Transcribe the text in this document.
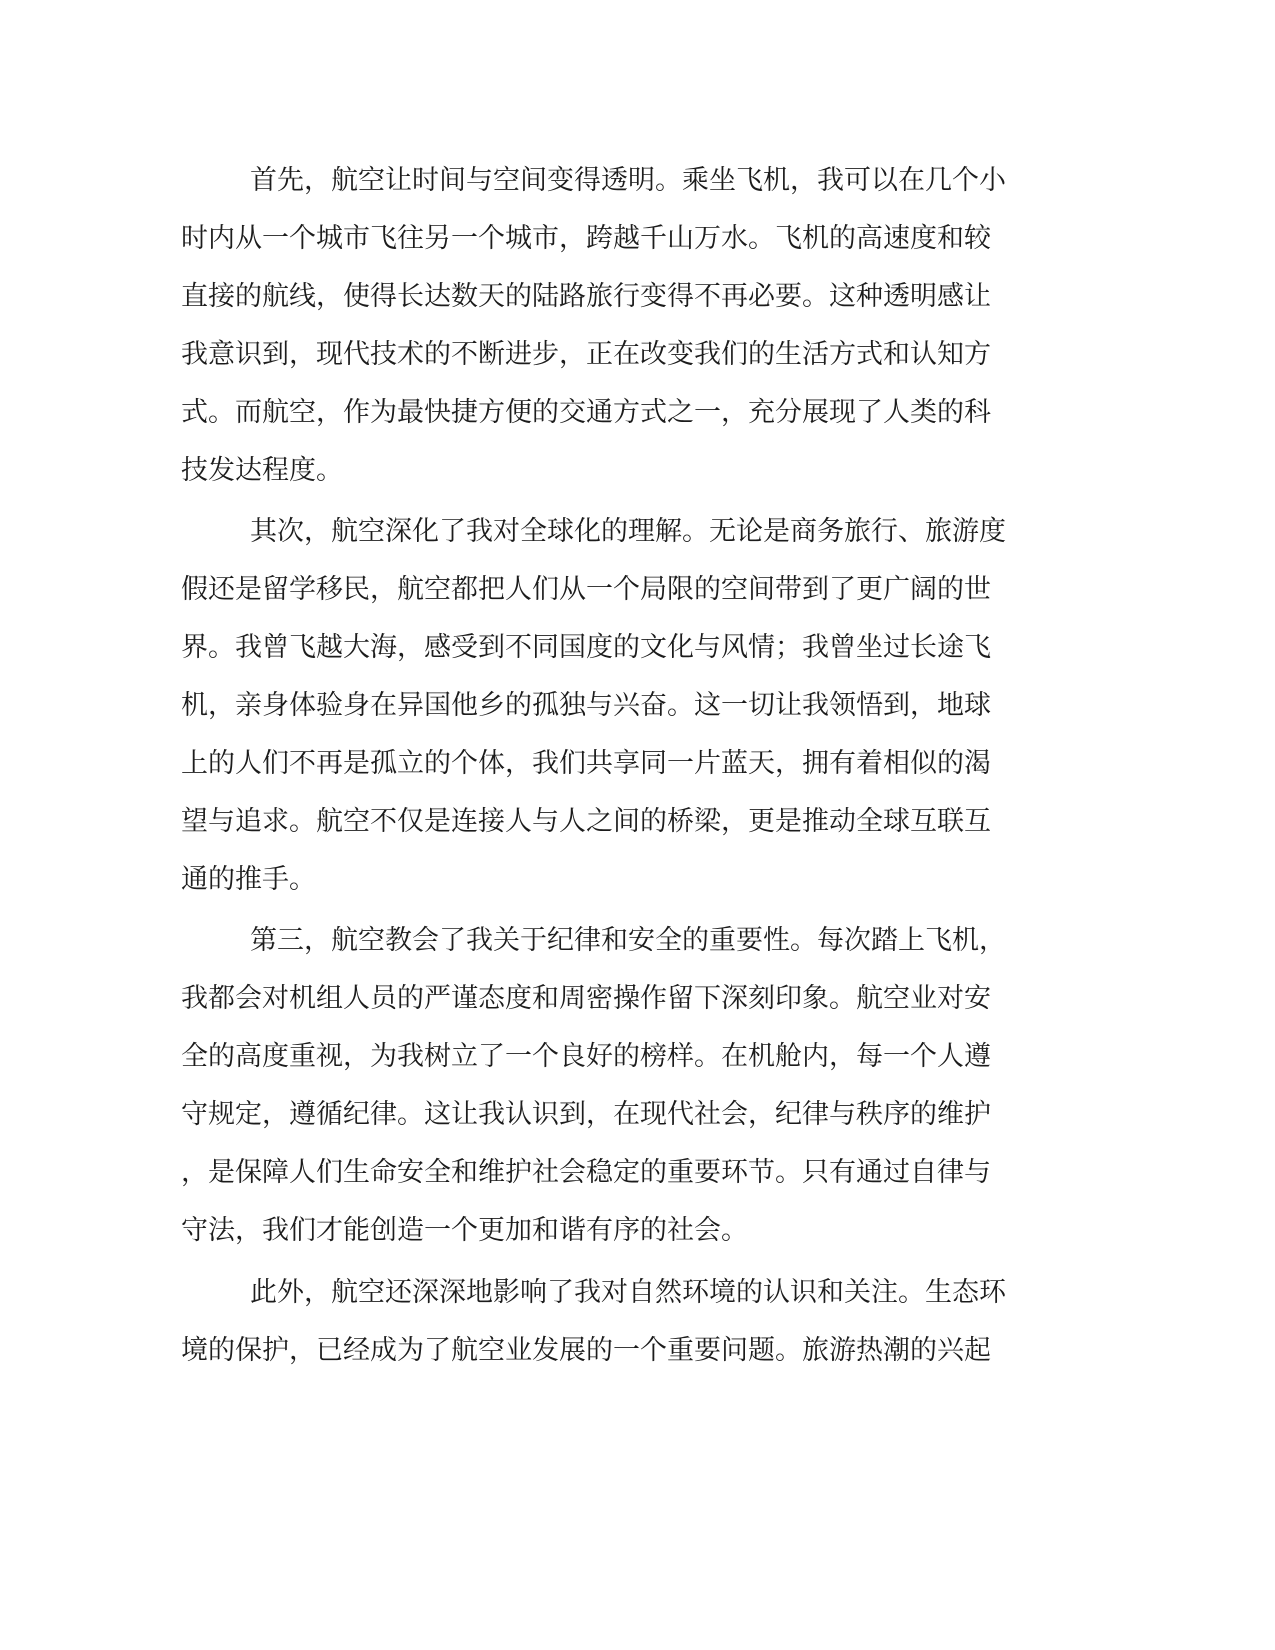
首先，航空让时间与空间变得透明。乘坐飞机，我可以在几个小

时内从一个城市飞往另一个城市，跨越千山万水。飞机的高速度和较

直接的航线，使得长达数天的陆路旅行变得不再必要。这种透明感让

我意识到，现代技术的不断进步，正在改变我们的生活方式和认知方

式。而航空，作为最快捷方便的交通方式之一，充分展现了人类的科

技发达程度。

其次，航空深化了我对全球化的理解。无论是商务旅行、旅游度

假还是留学移民，航空都把人们从一个局限的空间带到了更广阔的世

界。我曾飞越大海，感受到不同国度的文化与风情；我曾坐过长途飞

机，亲身体验身在异国他乡的孤独与兴奋。这一切让我领悟到，地球

上的人们不再是孤立的个体，我们共享同一片蓝天，拥有着相似的渴

望与追求。航空不仅是连接人与人之间的桥梁，更是推动全球互联互

通的推手。

第三，航空教会了我关于纪律和安全的重要性。每次踏上飞机，

我都会对机组人员的严谨态度和周密操作留下深刻印象。航空业对安

全的高度重视，为我树立了一个良好的榜样。在机舱内，每一个人遵

守规定，遵循纪律。这让我认识到，在现代社会，纪律与秩序的维护

，是保障人们生命安全和维护社会稳定的重要环节。只有通过自律与

守法，我们才能创造一个更加和谐有序的社会。

此外，航空还深深地影响了我对自然环境的认识和关注。生态环

境的保护，已经成为了航空业发展的一个重要问题。旅游热潮的兴起
